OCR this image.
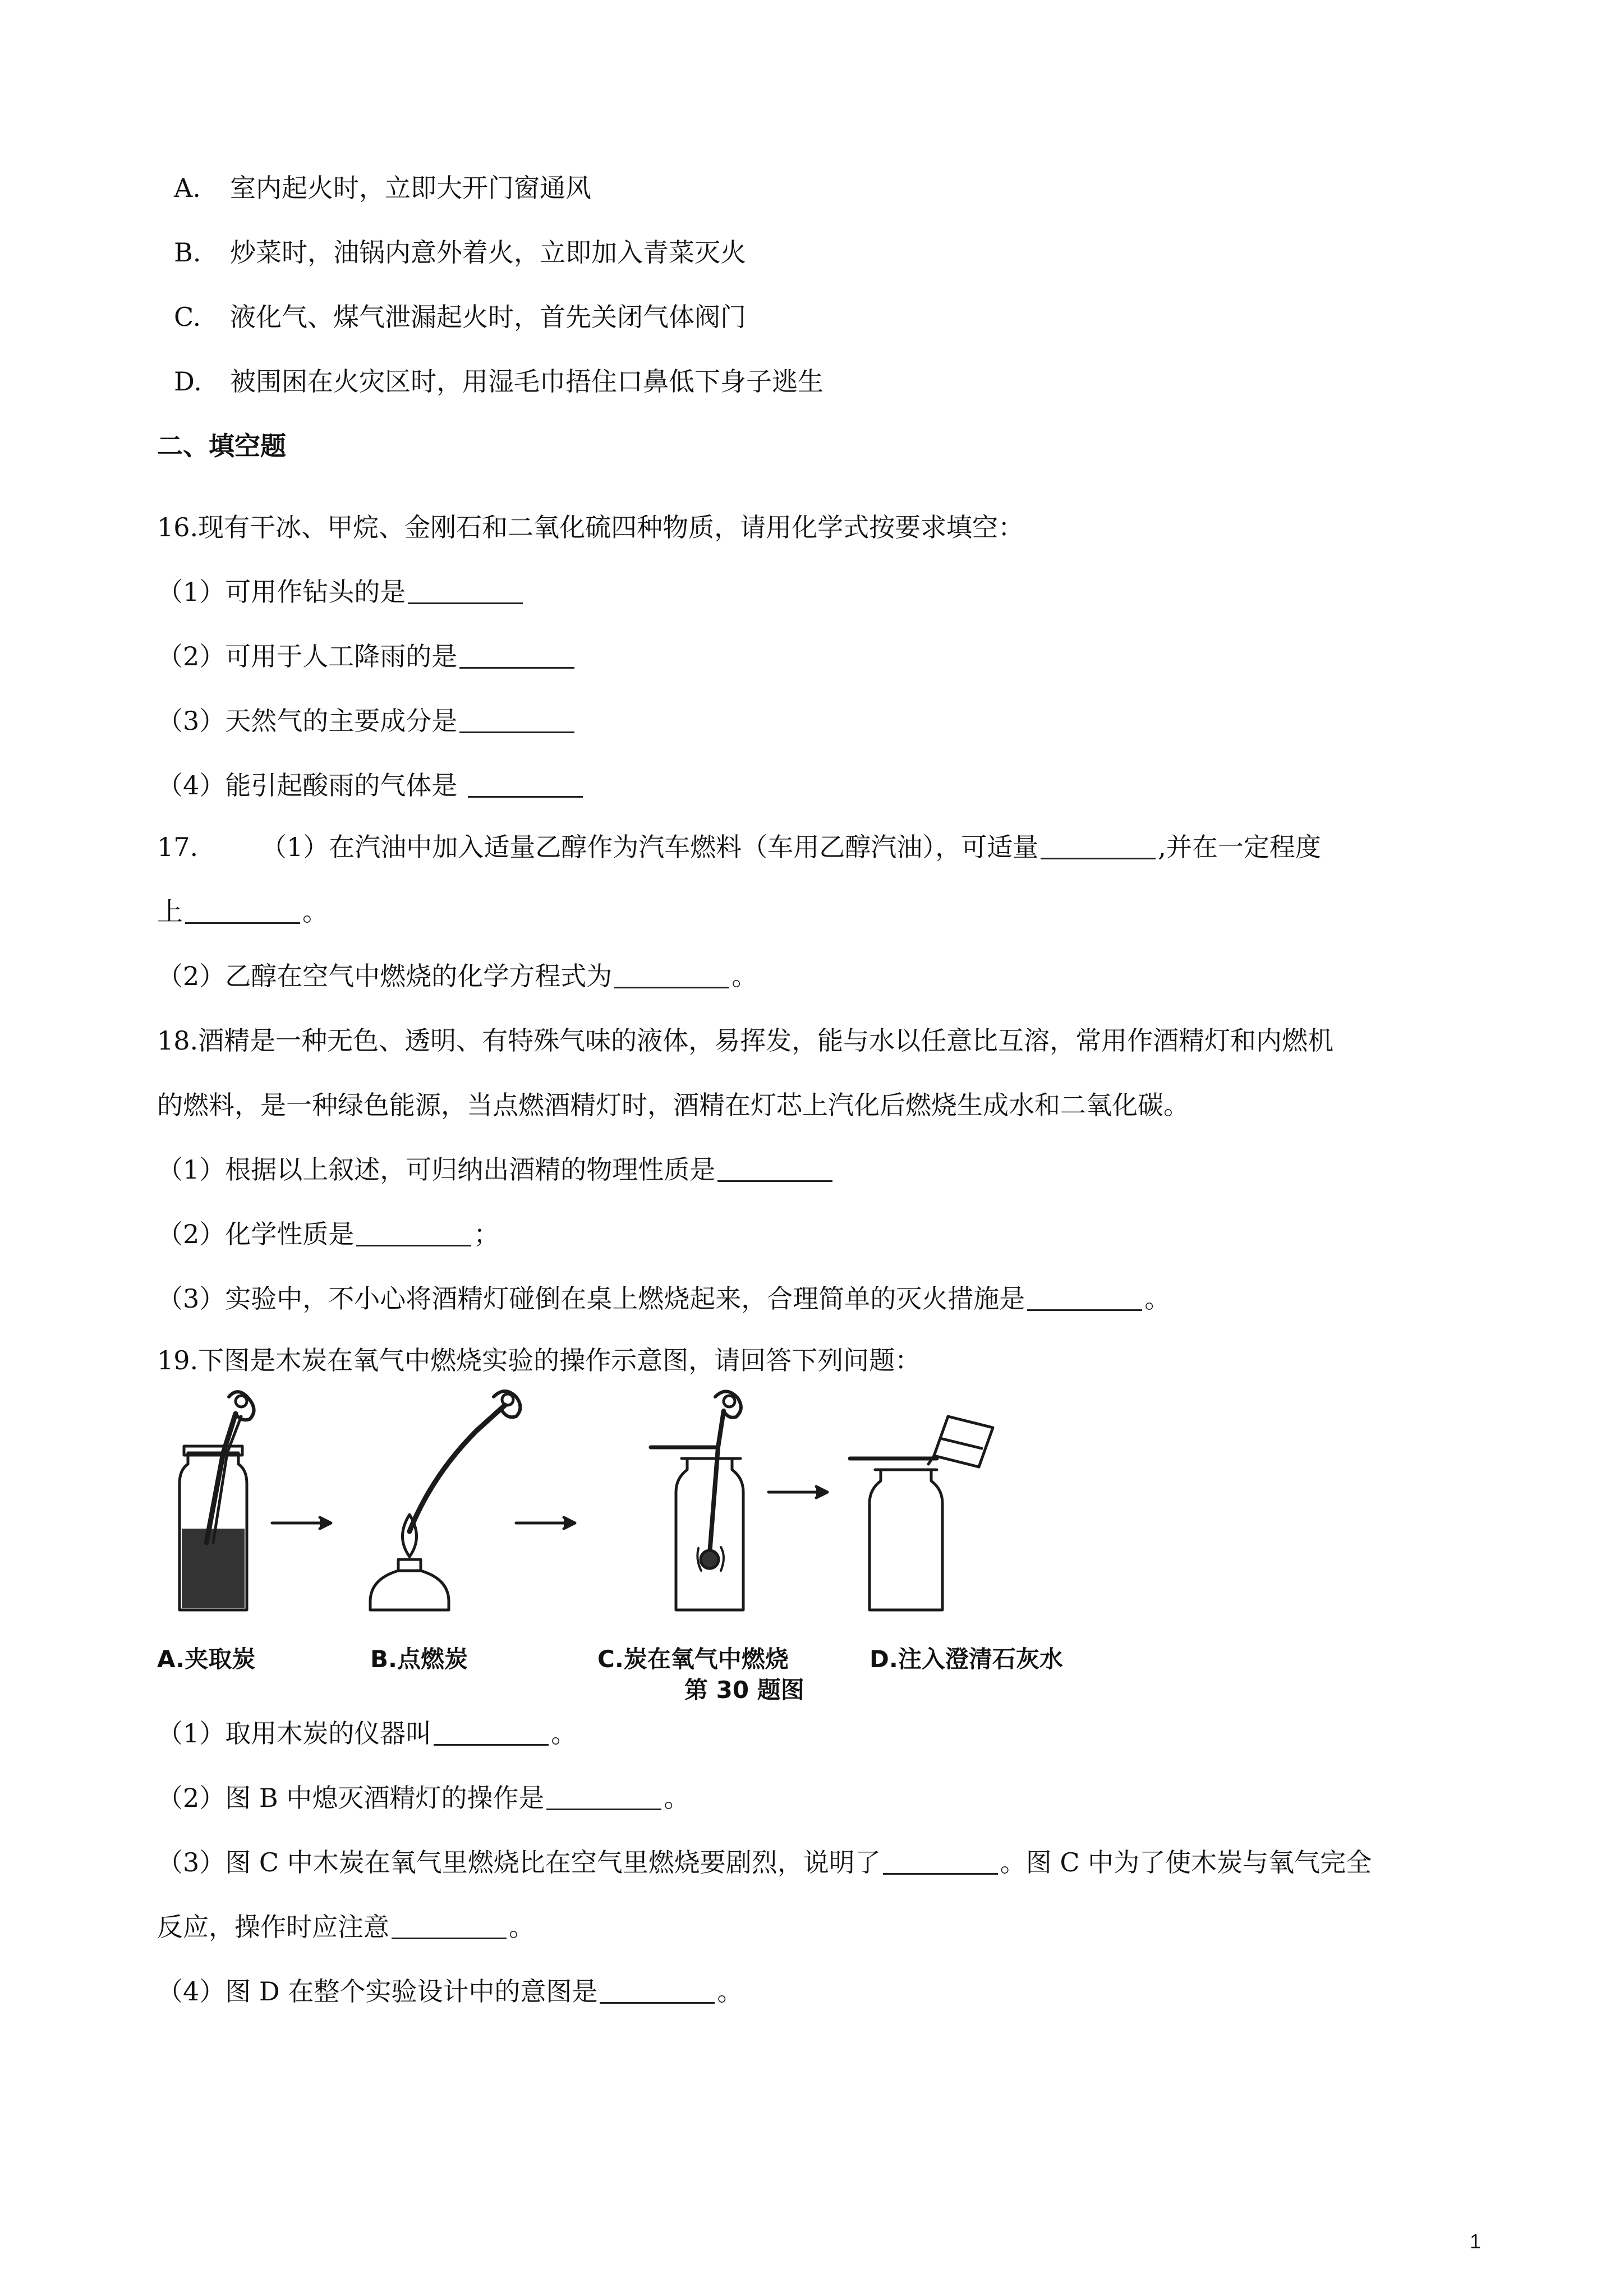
A. 室内起火时，立即大开门窗通风
B. 炒菜时，油锅内意外着火，立即加入青菜灭火
C. 液化气、煤气泄漏起火时，首先关闭气体阀门
D. 被围困在火灾区时，用湿毛巾捂住口鼻低下身子逃生
二、填空题
16.现有干冰、甲烷、金刚石和二氧化硫四种物质，请用化学式按要求填空：
（1）可用作钻头的是
（2）可用于人工降雨的是
（3）天然气的主要成分是
（4）能引起酸雨的气体是
17. （1）在汽油中加入适量乙醇作为汽车燃料（车用乙醇汽油），可适量	,并在一定程度
上	。
（2）乙醇在空气中燃烧的化学方程式为	。
18.酒精是一种无色、透明、有特殊气味的液体，易挥发，能与水以任意比互溶，常用作酒精灯和内燃机
的燃料，是一种绿色能源，当点燃酒精灯时，酒精在灯芯上汽化后燃烧生成水和二氧化碳。
（1）根据以上叙述，可归纳出酒精的物理性质是
（2）化学性质是	；
（3）实验中，不小心将酒精灯碰倒在桌上燃烧起来，合理简单的灭火措施是	。
19.下图是木炭在氧气中燃烧实验的操作示意图，请回答下列问题：
A.夹取炭	B.点燃炭	C.炭在氧气中燃烧	D.注入澄清石灰水
第 30 题图
（1）取用木炭的仪器叫	。
（2）图 B 中熄灭酒精灯的操作是	。
（3）图 C 中木炭在氧气里燃烧比在空气里燃烧要剧烈，说明了	。图 C 中为了使木炭与氧气完全
反应，操作时应注意	。
（4）图 D 在整个实验设计中的意图是	。
1
